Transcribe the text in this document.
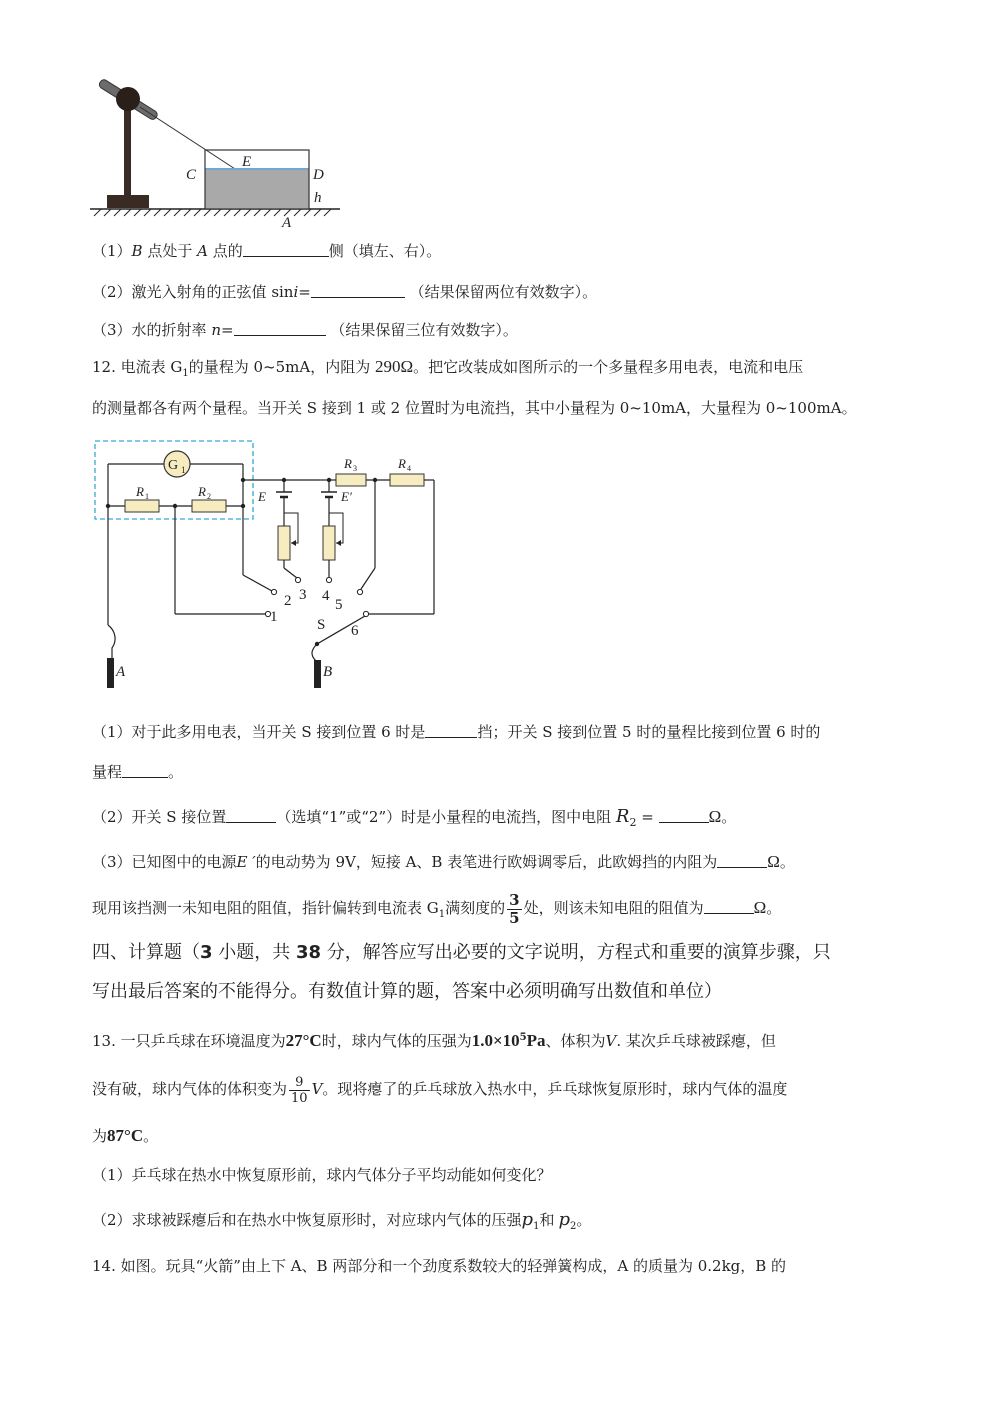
C	D
E
h
A
（1）B 点处于 A 点的	侧（填左、右）。
（2）激光入射角的正弦值 sini=	（结果保留两位有效数字）。
（3）水的折射率 n=	（结果保留三位有效数字）。
12. 电流表 $G_1$的量程为 0~5mA，内阻为 290Ω。把它改装成如图所示的一个多量程多用电表，电流和电压
的测量都各有两个量程。当开关 S 接到 1 或 2 位置时为电流挡，其中小量程为 0~10mA，大量程为 0~100mA。
G 1
R 1	R 2
R 3	R 4
E	E′
2 3 4
5
1
6
S
A	B
（1）对于此多用电表，当开关 S 接到位置 6 时是	挡；开关 S 接到位置 5 时的量程比接到位置 6 时的
量程	。
（2）开关 S 接位置	（选填“1”或“2”）时是小量程的电流挡，图中电阻 $R_2$ =	Ω。
（3）已知图中的电源E ′的电动势为 9V，短接 A、B 表笔进行欧姆调零后，此欧姆挡的内阻为	Ω。
现用该挡测一未知电阻的阻值，指针偏转到电流表 $G_1$满刻度的 $\frac{3}{5}$ 处，则该未知电阻的阻值为	Ω。
四、计算题（3 小题，共 38 分，解答应写出必要的文字说明，方程式和重要的演算步骤，只
写出最后答案的不能得分。有数值计算的题，答案中必须明确写出数值和单位）
13. 一只乒乓球在环境温度为27°C时，球内气体的压强为$1.0\times 10^5Pa$、体积为V. 某次乒乓球被踩瘪，但
没有破，球内气体的体积变为 $\frac{9}{10}$ V。现将瘪了的乒乓球放入热水中，乒乓球恢复原形时，球内气体的温度
为87°C。
（1）乒乓球在热水中恢复原形前，球内气体分子平均动能如何变化？
（2）求球被踩瘪后和在热水中恢复原形时，对应球内气体的压强$p_1$和 $p_2$。
14. 如图。玩具“火箭”由上下 A、B 两部分和一个劲度系数较大的轻弹簧构成，A 的质量为 0.2kg，B 的
